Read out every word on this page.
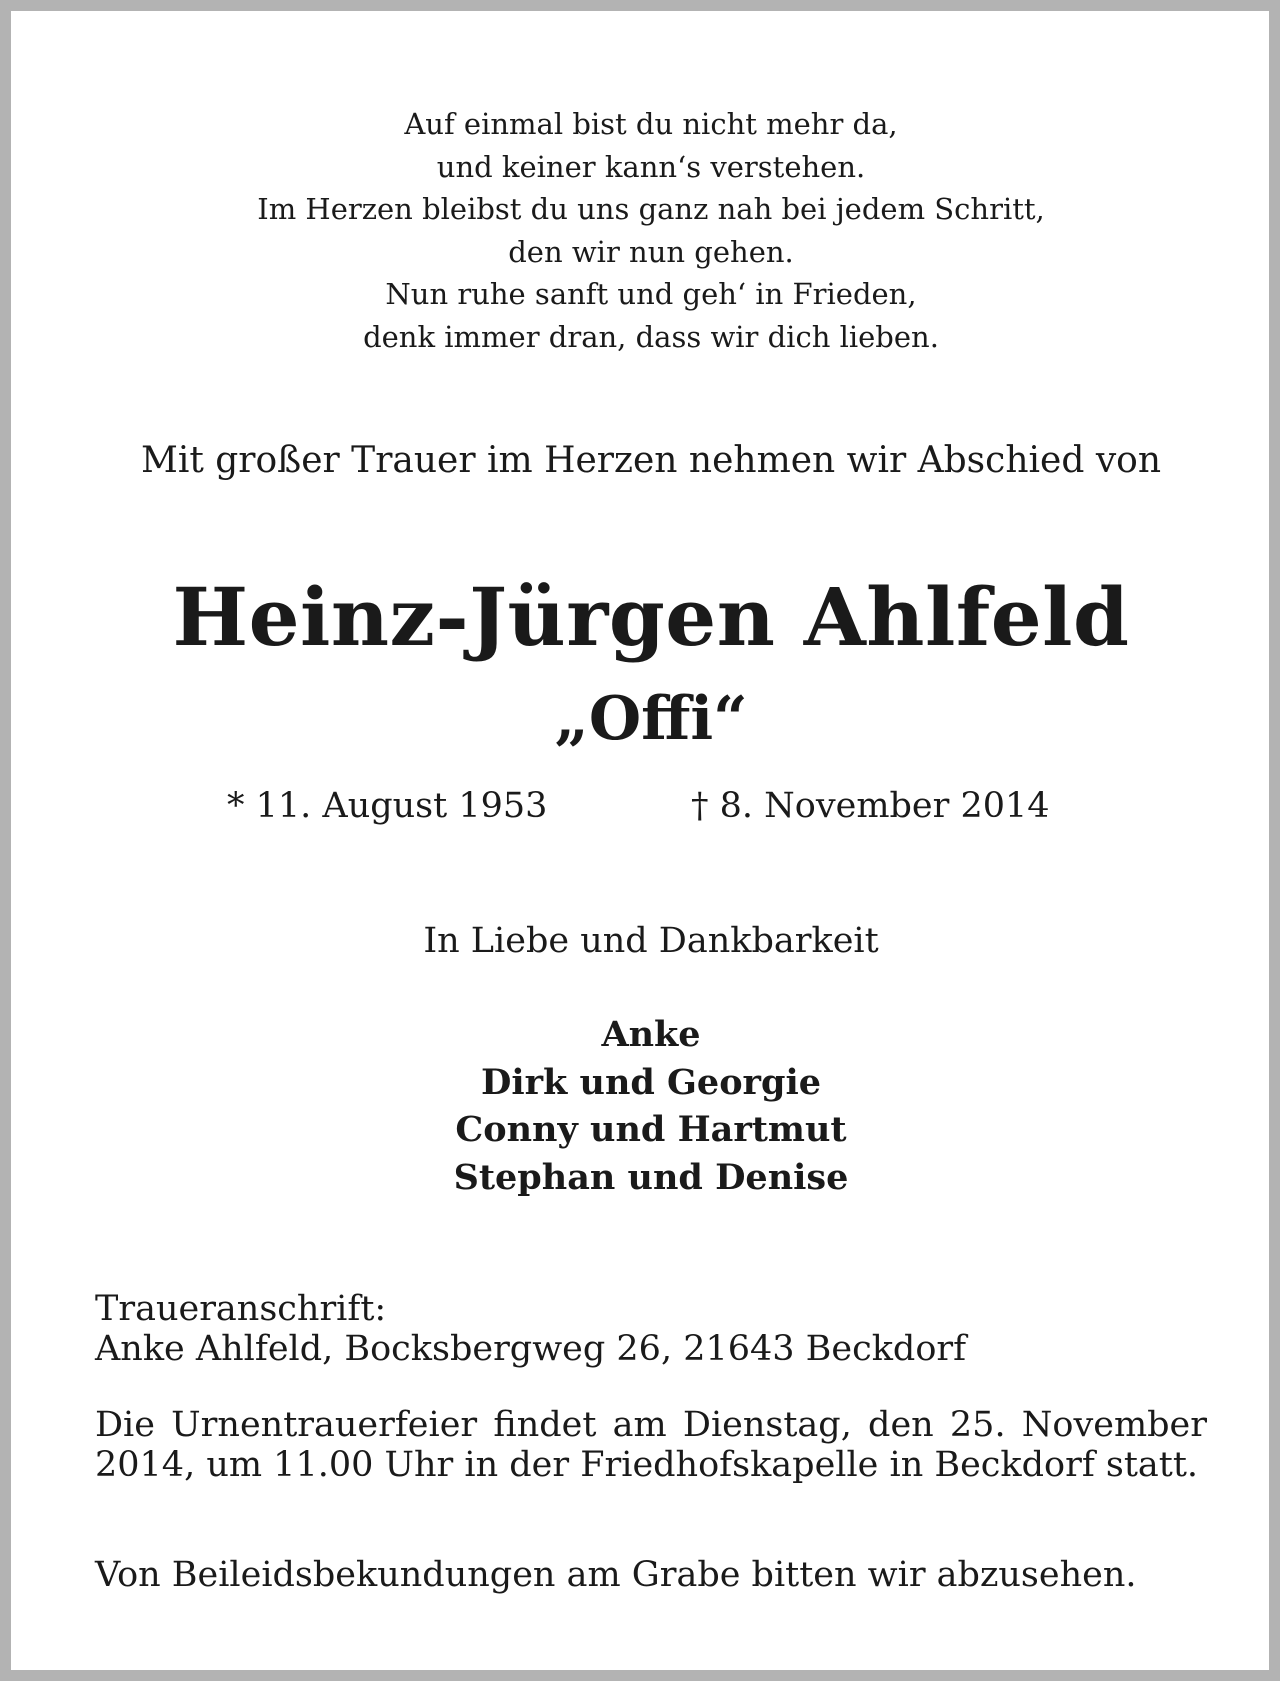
Auf einmal bist du nicht mehr da,
und keiner kann‘s verstehen.
Im Herzen bleibst du uns ganz nah bei jedem Schritt,
den wir nun gehen.
Nun ruhe sanft und geh‘ in Frieden,
denk immer dran, dass wir dich lieben.
Mit großer Trauer im Herzen nehmen wir Abschied von
Heinz-Jürgen Ahlfeld
„Offi“
* 11. August 1953	† 8. November 2014
In Liebe und Dankbarkeit
Anke
Dirk und Georgie
Conny und Hartmut
Stephan und Denise
Traueranschrift:
Anke Ahlfeld, Bocksbergweg 26, 21643 Beckdorf
Die Urnentrauerfeier findet am Dienstag, den 25. November 2014, um 11.00 Uhr in der Friedhofskapelle in Beckdorf statt.
Von Beileidsbekundungen am Grabe bitten wir abzusehen.
